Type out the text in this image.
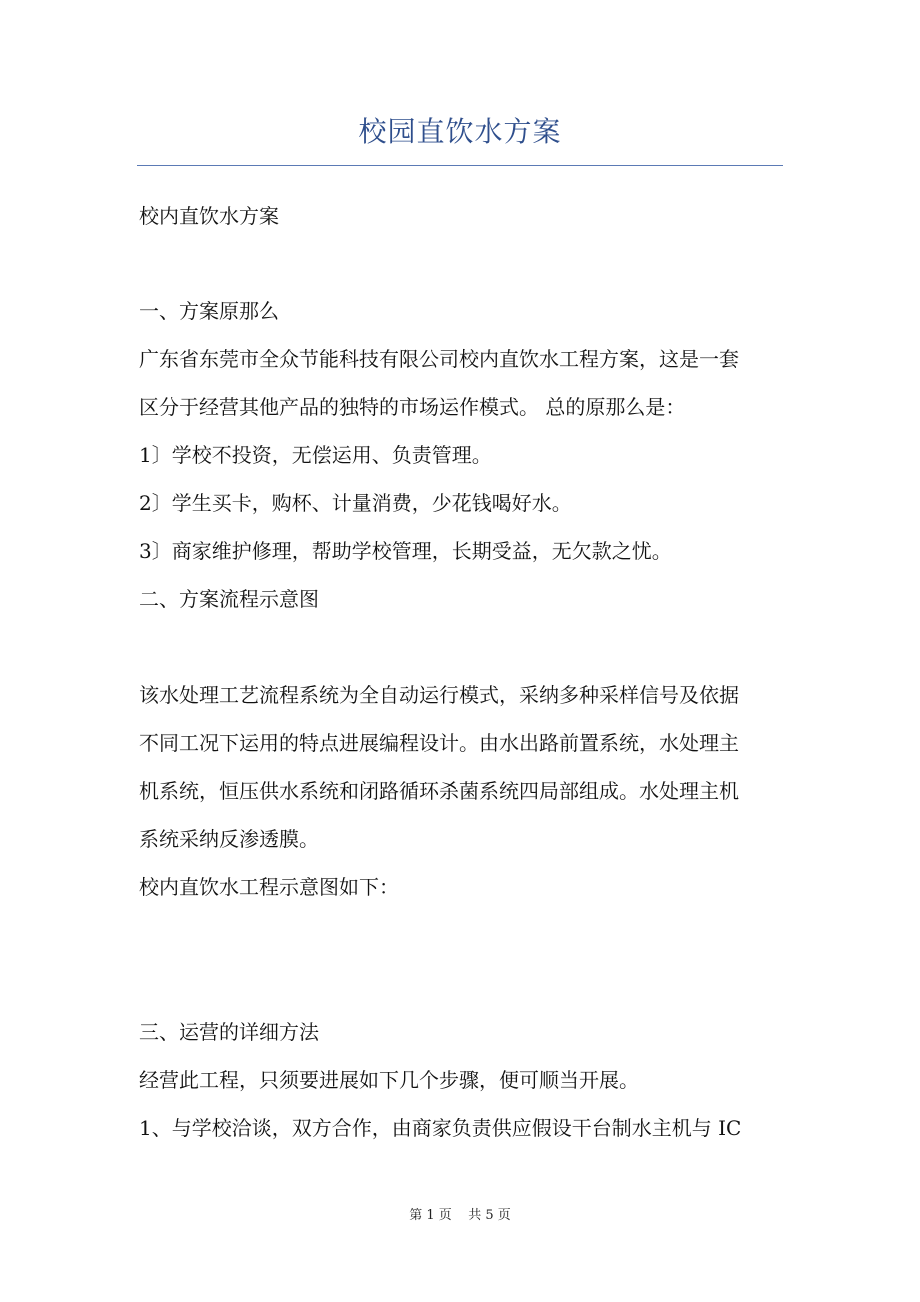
校园直饮水方案

校内直饮水方案

一、方案原那么

广东省东莞市全众节能科技有限公司校内直饮水工程方案，这是一套

区分于经营其他产品的独特的市场运作模式。 总的原那么是：

1〕学校不投资，无偿运用、负责管理。

2〕学生买卡，购杯、计量消费，少花钱喝好水。

3〕商家维护修理，帮助学校管理，长期受益，无欠款之忧。

二、方案流程示意图

该水处理工艺流程系统为全自动运行模式，采纳多种采样信号及依据

不同工况下运用的特点进展编程设计。由水出路前置系统，水处理主

机系统，恒压供水系统和闭路循环杀菌系统四局部组成。水处理主机

系统采纳反渗透膜。

校内直饮水工程示意图如下：

三、运营的详细方法

经营此工程，只须要进展如下几个步骤，便可顺当开展。

1、与学校洽谈，双方合作，由商家负责供应假设干台制水主机与 IC

第 1 页    共 5 页
